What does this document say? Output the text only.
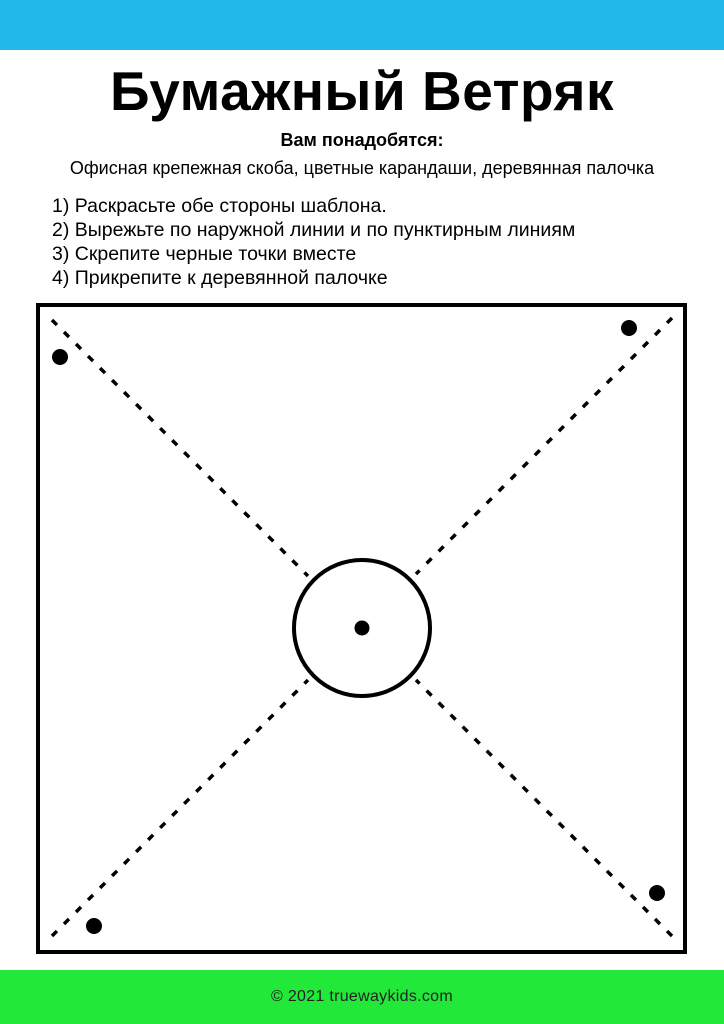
Бумажный Ветряк
Вам понадобятся:
Офисная крепежная скоба, цветные карандаши, деревянная палочка
1) Раскрасьте обе стороны шаблона.
2) Вырежьте по наружной линии и по пунктирным линиям
3) Скрепите черные точки вместе
4) Прикрепите к деревянной палочке
© 2021 truewaykids.com
